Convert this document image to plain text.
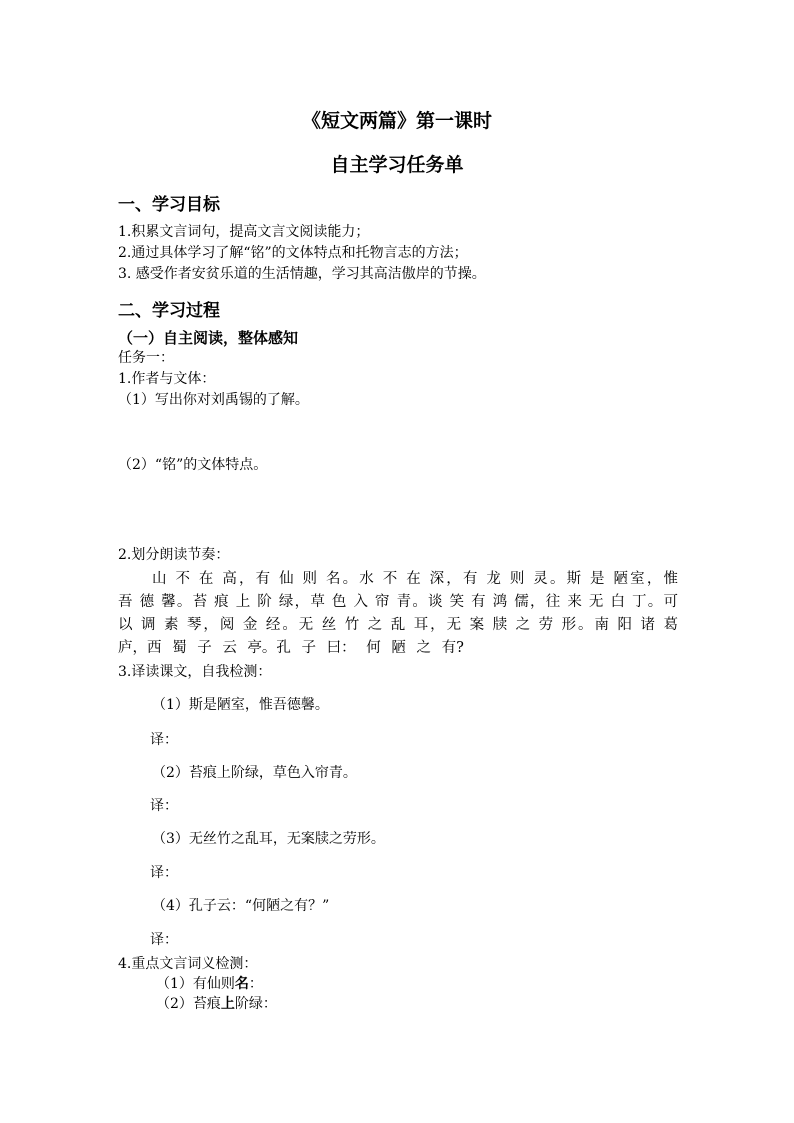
《短文两篇》第一课时
自主学习任务单
一、学习目标
1.积累文言词句，提高文言文阅读能力；
2.通过具体学习了解“铭”的文体特点和托物言志的方法；
3. 感受作者安贫乐道的生活情趣，学习其高洁傲岸的节操。
二、学习过程
（一）自主阅读，整体感知
任务一：
1.作者与文体：
（1）写出你对刘禹锡的了解。
（2）“铭”的文体特点。
2.划分朗读节奏：
山 不 在 高，有 仙 则 名。水 不 在 深，有 龙 则 灵。斯 是 陋室，惟
吾 德 馨。苔 痕 上 阶 绿，草 色 入 帘 青。谈 笑 有 鸿 儒，往 来 无 白 丁。可
以 调 素 琴，阅 金 经。无 丝 竹 之 乱 耳，无 案 牍 之 劳 形。南 阳 诸 葛
庐，西 蜀 子 云 亭。孔 子 曰： 何 陋 之 有?
3.译读课文，自我检测：
（1）斯是陋室，惟吾德馨。
译：
（2）苔痕上阶绿，草色入帘青。
译：
（3）无丝竹之乱耳，无案牍之劳形。
译：
（4）孔子云：“何陋之有？”
译：
4.重点文言词义检测：
（1）有仙则名：
（2）苔痕上阶绿：
